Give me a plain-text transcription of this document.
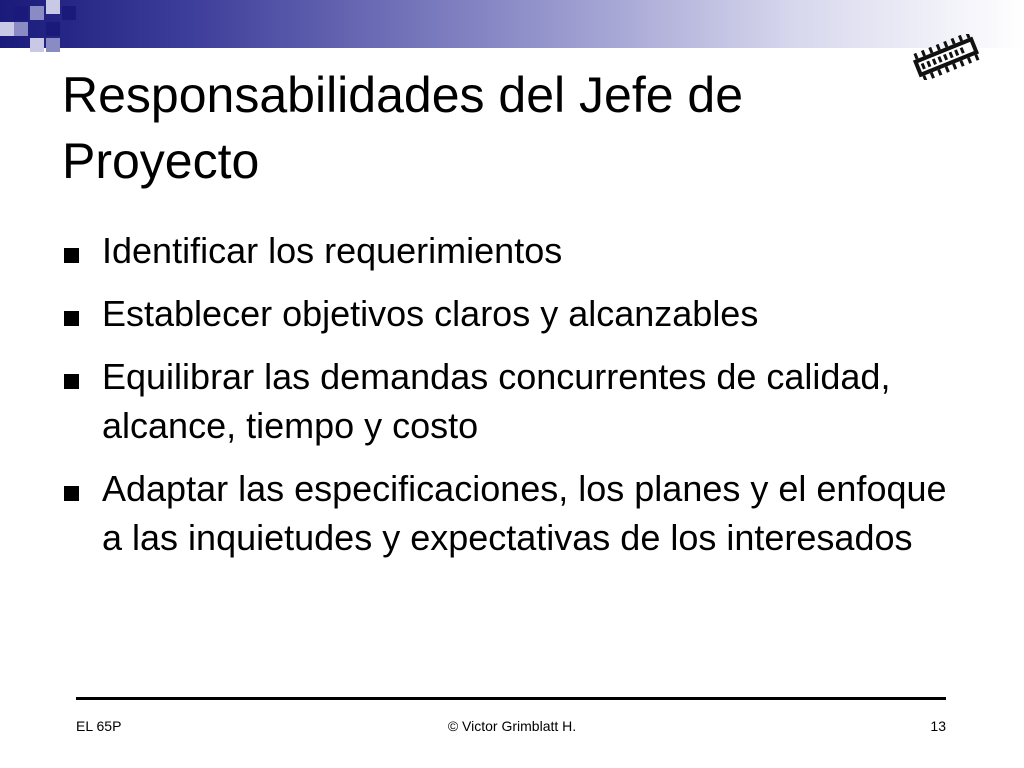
Responsabilidades del Jefe de
Proyecto
Identificar los requerimientos
Establecer objetivos claros y alcanzables
Equilibrar las demandas concurrentes de calidad, alcance, tiempo y costo
Adaptar las especificaciones, los planes y el enfoque a las inquietudes y expectativas de los interesados
EL 65P	© Victor Grimblatt H.	13
